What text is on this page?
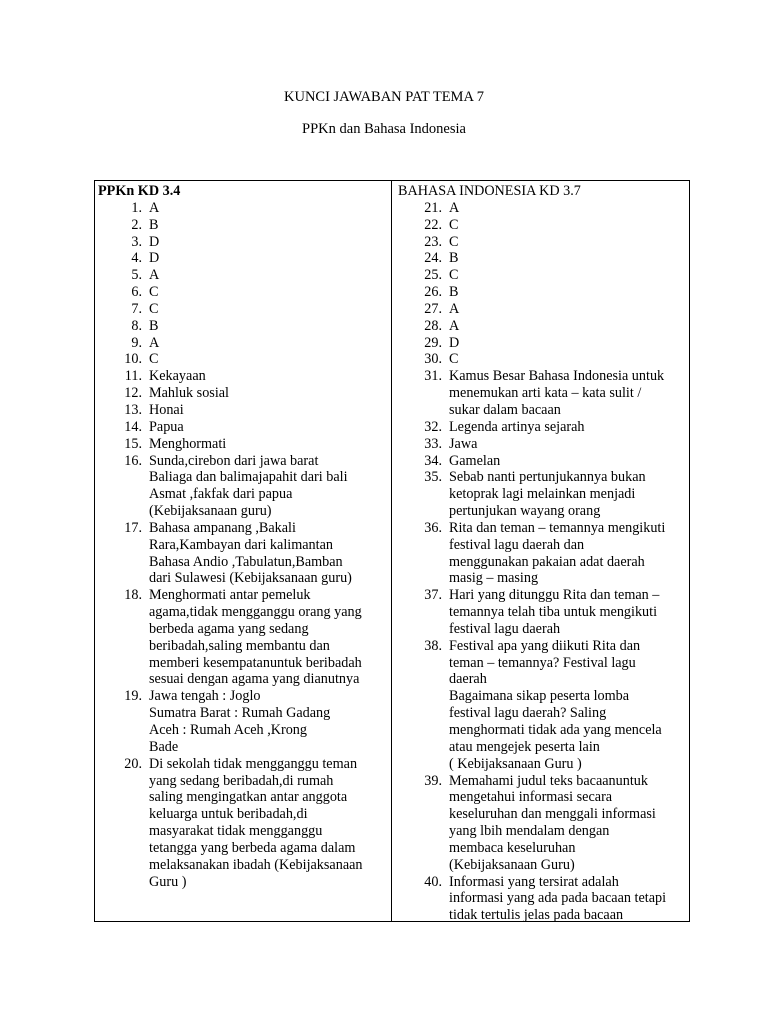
KUNCI JAWABAN PAT TEMA 7
PPKn dan Bahasa Indonesia
PPKn KD 3.4
1. A
2. B
3. D
4. D
5. A
6. C
7. C
8. B
9. A
10. C
11. Kekayaan
12. Mahluk sosial
13. Honai
14. Papua
15. Menghormati
16. Sunda,cirebon dari jawa barat
Baliaga dan balimajapahit dari bali
Asmat ,fakfak dari papua
(Kebijaksanaan guru)
17. Bahasa ampanang ,Bakali
Rara,Kambayan dari kalimantan
Bahasa Andio ,Tabulatun,Bamban
dari Sulawesi (Kebijaksanaan guru)
18. Menghormati antar pemeluk
agama,tidak mengganggu orang yang
berbeda agama yang sedang
beribadah,saling membantu dan
memberi kesempatanuntuk beribadah
sesuai dengan agama yang dianutnya
19. Jawa tengah : Joglo
Sumatra Barat : Rumah Gadang
Aceh : Rumah Aceh ,Krong
Bade
20. Di sekolah tidak mengganggu teman
yang sedang beribadah,di rumah
saling mengingatkan antar anggota
keluarga untuk beribadah,di
masyarakat tidak mengganggu
tetangga yang berbeda agama dalam
melaksanakan ibadah (Kebijaksanaan
Guru )
BAHASA INDONESIA KD 3.7
21. A
22. C
23. C
24. B
25. C
26. B
27. A
28. A
29. D
30. C
31. Kamus Besar Bahasa Indonesia untuk
menemukan arti kata – kata sulit /
sukar dalam bacaan
32. Legenda artinya sejarah
33. Jawa
34. Gamelan
35. Sebab nanti pertunjukannya bukan
ketoprak lagi melainkan menjadi
pertunjukan wayang orang
36. Rita dan teman – temannya mengikuti
festival lagu daerah dan
menggunakan pakaian adat daerah
masig – masing
37. Hari yang ditunggu Rita dan teman –
temannya telah tiba untuk mengikuti
festival lagu daerah
38. Festival apa yang diikuti Rita dan
teman – temannya? Festival lagu
daerah
Bagaimana sikap peserta lomba
festival lagu daerah? Saling
menghormati tidak ada yang mencela
atau mengejek peserta lain
( Kebijaksanaan Guru )
39. Memahami judul teks bacaanuntuk
mengetahui informasi secara
keseluruhan dan menggali informasi
yang lbih mendalam dengan
membaca keseluruhan
(Kebijaksanaan Guru)
40. Informasi yang tersirat adalah
informasi yang ada pada bacaan tetapi
tidak tertulis jelas pada bacaan
